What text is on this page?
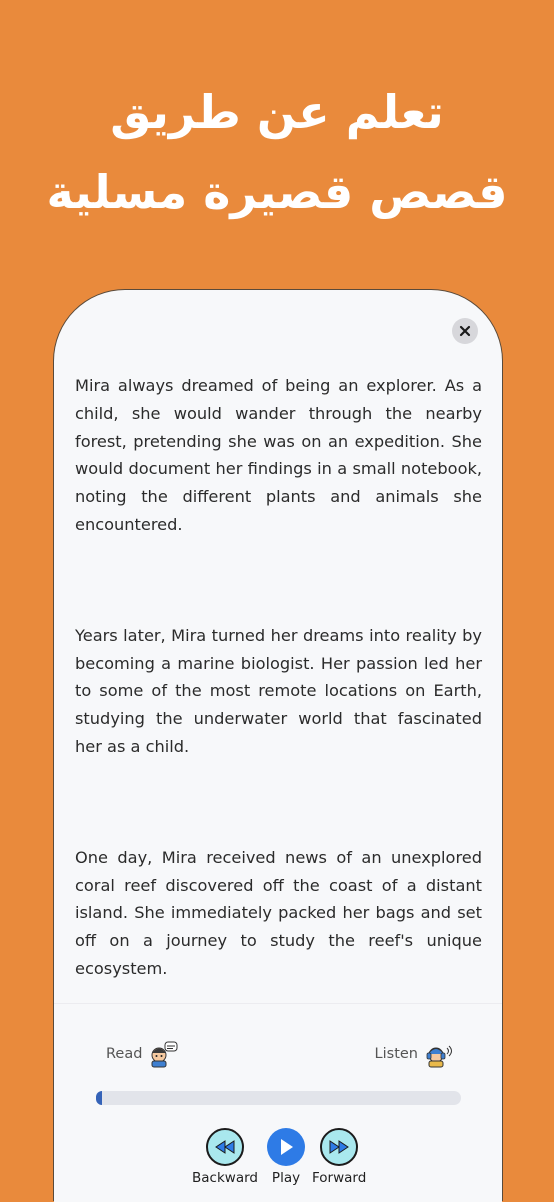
تعلم عن طريق
قصص قصيرة مسلية

Mira always dreamed of being an explorer. As a child, she would wander through the nearby forest, pretending she was on an expedition. She would document her findings in a small notebook, noting the different plants and animals she encountered.

Years later, Mira turned her dreams into reality by becoming a marine biologist. Her passion led her to some of the most remote locations on Earth, studying the underwater world that fascinated her as a child.

One day, Mira received news of an unexplored coral reef discovered off the coast of a distant island. She immediately packed her bags and set off on a journey to study the reef's unique ecosystem.

Read	Listen
Backward Play Forward
